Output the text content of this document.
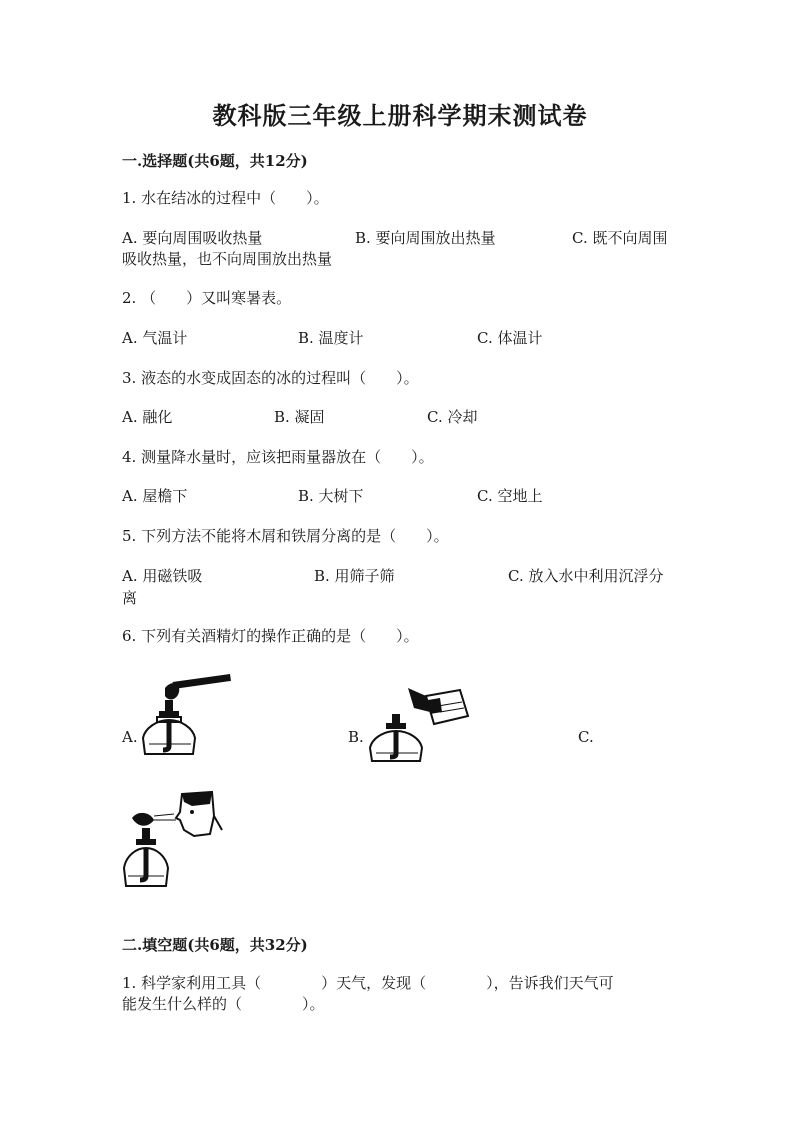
教科版三年级上册科学期末测试卷
一.选择题(共6题，共12分)
1. 水在结冰的过程中（　　）。
A. 要向周围吸收热量	B. 要向周围放出热量	C. 既不向周围
吸收热量，也不向周围放出热量
2. （　　）又叫寒暑表。
A. 气温计	B. 温度计	C. 体温计
3. 液态的水变成固态的冰的过程叫（　　）。
A. 融化	B. 凝固	C. 冷却
4. 测量降水量时，应该把雨量器放在（　　）。
A. 屋檐下	B. 大树下	C. 空地上
5. 下列方法不能将木屑和铁屑分离的是（　　）。
A. 用磁铁吸	B. 用筛子筛	C. 放入水中利用沉浮分
离
6. 下列有关酒精灯的操作正确的是（　　）。
A.	B.	C.
二.填空题(共6题，共32分)
1. 科学家利用工具（　　　　）天气，发现（　　　　），告诉我们天气可
能发生什么样的（　　　　）。
